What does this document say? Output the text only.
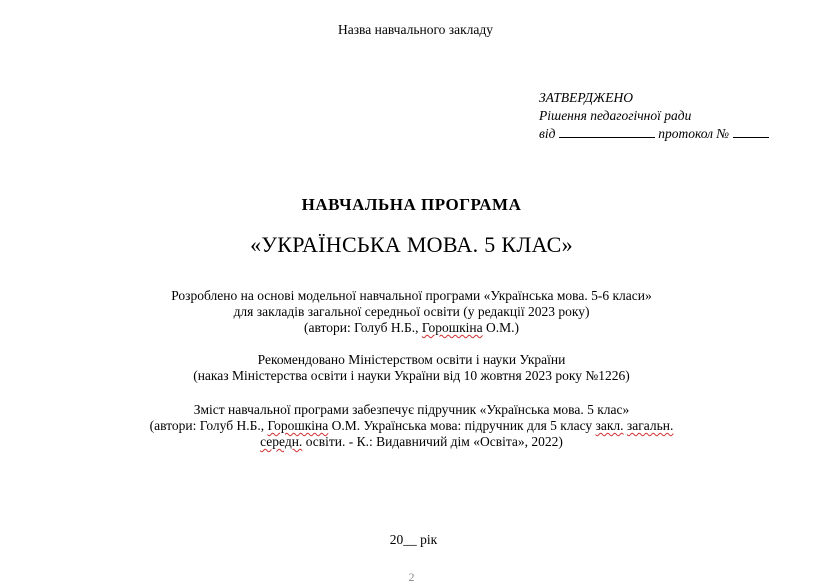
Назва навчального закладу
ЗАТВЕРДЖЕНО
Рішення педагогічної ради
від	протокол №
НАВЧАЛЬНА ПРОГРАМА
«УКРАЇНСЬКА МОВА. 5 КЛАС»
Розроблено на основі модельної навчальної програми «Українська мова. 5-6 класи»
для закладів загальної середньої освіти (у редакції 2023 року)
(автори: Голуб Н.Б., Горошкіна О.М.)
Рекомендовано Міністерством освіти і науки України
(наказ Міністерства освіти і науки України від 10 жовтня 2023 року №1226)
Зміст навчальної програми забезпечує підручник «Українська мова. 5 клас»
(автори: Голуб Н.Б., Горошкіна О.М. Українська мова: підручник для 5 класу закл. загальн.
середн. освіти. - К.: Видавничий дім «Освіта», 2022)
20__ рік
2
